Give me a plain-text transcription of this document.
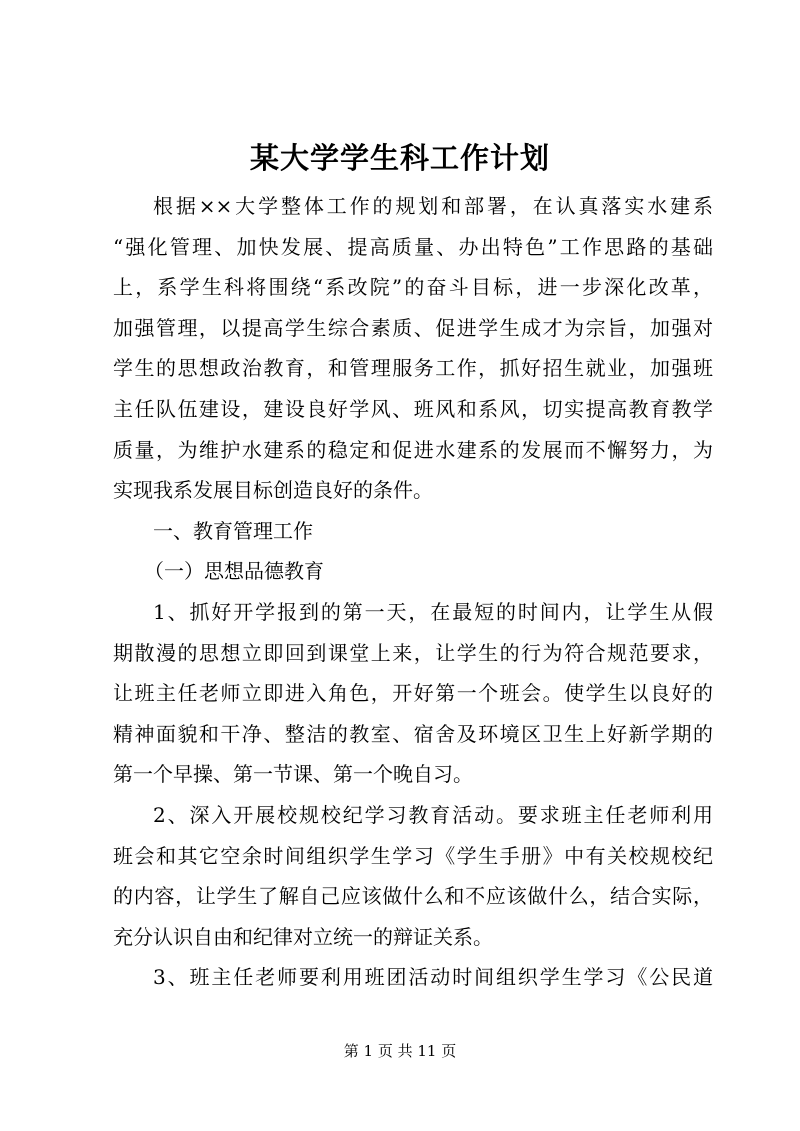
某大学学生科工作计划
根据××大学整体工作的规划和部署，在认真落实水建系
“强化管理、加快发展、提高质量、办出特色”工作思路的基础
上，系学生科将围绕“系改院”的奋斗目标，进一步深化改革，
加强管理，以提高学生综合素质、促进学生成才为宗旨，加强对
学生的思想政治教育，和管理服务工作，抓好招生就业，加强班
主任队伍建设，建设良好学风、班风和系风，切实提高教育教学
质量，为维护水建系的稳定和促进水建系的发展而不懈努力，为
实现我系发展目标创造良好的条件。
一、教育管理工作
（一）思想品德教育
1、抓好开学报到的第一天，在最短的时间内，让学生从假
期散漫的思想立即回到课堂上来，让学生的行为符合规范要求，
让班主任老师立即进入角色，开好第一个班会。使学生以良好的
精神面貌和干净、整洁的教室、宿舍及环境区卫生上好新学期的
第一个早操、第一节课、第一个晚自习。
2、深入开展校规校纪学习教育活动。要求班主任老师利用
班会和其它空余时间组织学生学习《学生手册》中有关校规校纪
的内容，让学生了解自己应该做什么和不应该做什么，结合实际，
充分认识自由和纪律对立统一的辩证关系。
3、班主任老师要利用班团活动时间组织学生学习《公民道
第 1 页 共 11 页
